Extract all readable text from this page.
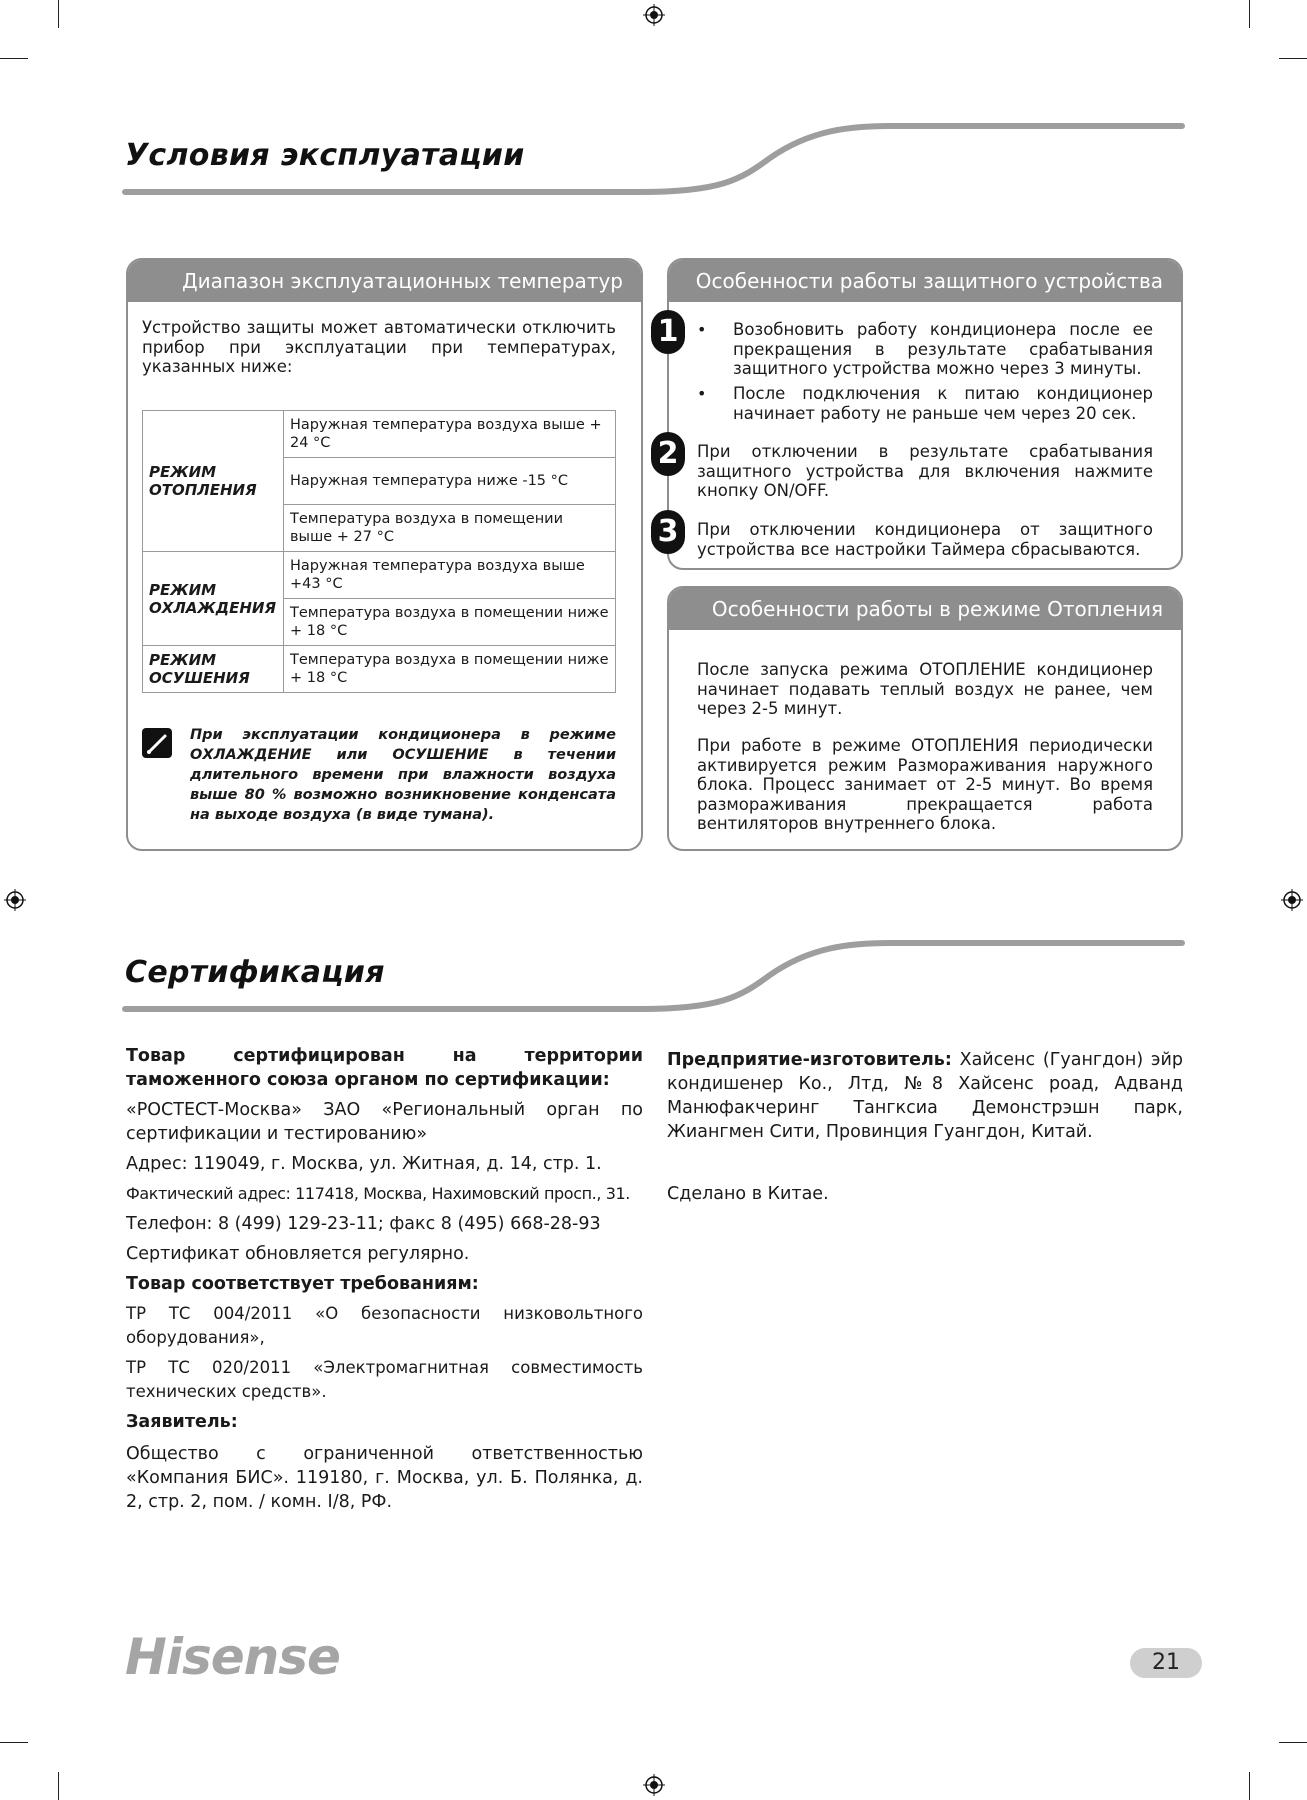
Условия эксплуатации
Диапазон эксплуатационных температур
Устройство защиты может автоматически отключить прибор при эксплуатации при температурах, указанных ниже:
РЕЖИМ ОТОПЛЕНИЯ	Наружная температура воздуха выше + 24 °C
	Наружная температура ниже -15 °C
	Температура воздуха в помещении выше + 27 °C
РЕЖИМ ОХЛАЖДЕНИЯ	Наружная температура воздуха выше +43 °C
	Температура воздуха в помещении ниже + 18 °C
РЕЖИМ ОСУШЕНИЯ	Температура воздуха в помещении ниже + 18 °C
При эксплуатации кондиционера в режиме ОХЛАЖДЕНИЕ или ОСУШЕНИЕ в течении длительного времени при влажности воздуха выше 80 % возможно возникновение конденсата на выходе воздуха (в виде тумана).
Особенности работы защитного устройства
1	• Возобновить работу кондиционера после ее прекращения в результате срабатывания защитного устройства можно через 3 минуты.
• После подключения к питаю кондиционер начинает работу не раньше чем через 20 сек.
2	При отключении в результате срабатывания защитного устройства для включения нажмите кнопку ON/OFF.
3	При отключении кондиционера от защитного устройства все настройки Таймера сбрасываются.
Особенности работы в режиме Отопления
После запуска режима ОТОПЛЕНИЕ кондиционер начинает подавать теплый воздух не ранее, чем через 2-5 минут.
При работе в режиме ОТОПЛЕНИЯ периодически активируется режим Размораживания наружного блока. Процесс занимает от 2-5 минут. Во время размораживания прекращается работа вентиляторов внутреннего блока.
Сертификация
Товар сертифицирован на территории таможенного союза органом по сертификации:
«РОСТЕСТ-Москва» ЗАО «Региональный орган по сертификации и тестированию»
Адрес: 119049, г. Москва, ул. Житная, д. 14, стр. 1.
Фактический адрес: 117418, Москва, Нахимовский просп., 31.
Телефон: 8 (499) 129-23-11; факс 8 (495) 668-28-93
Сертификат обновляется регулярно.
Товар соответствует требованиям:
ТР ТС 004/2011 «О безопасности низковольтного оборудования»,
ТР ТС 020/2011 «Электромагнитная совместимость технических средств».
Заявитель:
Общество с ограниченной ответственностью «Компания БИС». 119180, г. Москва, ул. Б. Полянка, д. 2, стр. 2, пом. / комн. I/8, РФ.
Предприятие-изготовитель: Хайсенс (Гуангдон) эйр кондишенер Ко., Лтд, №8 Хайсенс роад, Адванд Манюфакчеринг Тангксиа Демонстрэшн парк, Жиангмен Сити, Провинция Гуангдон, Китай.
Сделано в Китае.
Hisense	21
